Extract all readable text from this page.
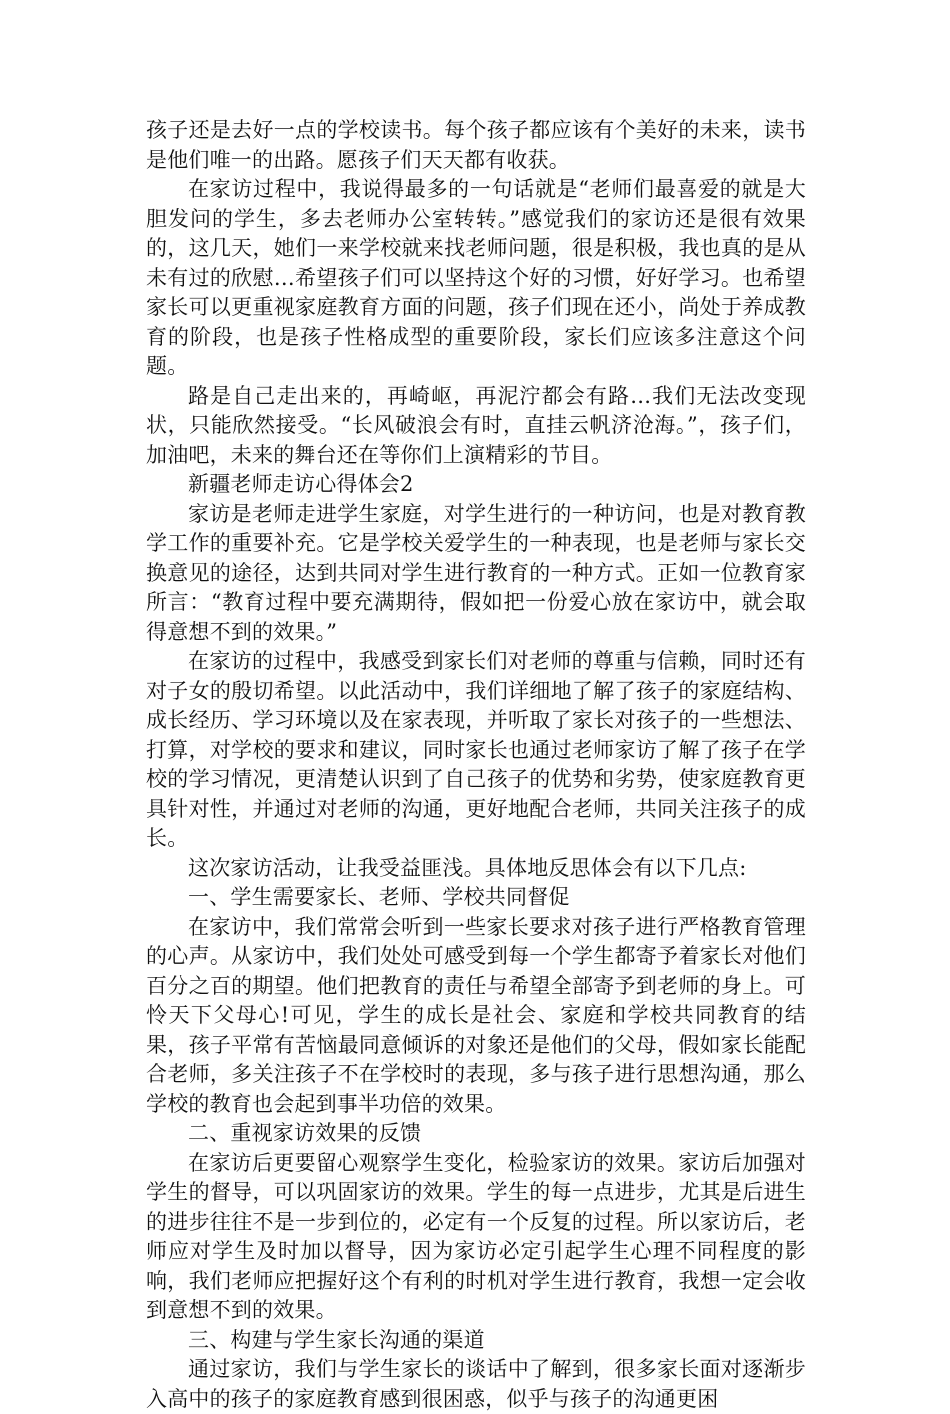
孩子还是去好一点的学校读书。每个孩子都应该有个美好的未来，读书是他们唯一的出路。愿孩子们天天都有收获。

在家访过程中，我说得最多的一句话就是“老师们最喜爱的就是大胆发问的学生，多去老师办公室转转。”感觉我们的家访还是很有效果的，这几天，她们一来学校就来找老师问题，很是积极，我也真的是从未有过的欣慰…希望孩子们可以坚持这个好的习惯，好好学习。也希望家长可以更重视家庭教育方面的问题，孩子们现在还小，尚处于养成教育的阶段，也是孩子性格成型的重要阶段，家长们应该多注意这个问题。

路是自己走出来的，再崎岖，再泥泞都会有路…我们无法改变现状，只能欣然接受。“长风破浪会有时，直挂云帆济沧海。”，孩子们，加油吧，未来的舞台还在等你们上演精彩的节目。

新疆老师走访心得体会2

家访是老师走进学生家庭，对学生进行的一种访问，也是对教育教学工作的重要补充。它是学校关爱学生的一种表现，也是老师与家长交换意见的途径，达到共同对学生进行教育的一种方式。正如一位教育家所言：“教育过程中要充满期待，假如把一份爱心放在家访中，就会取得意想不到的效果。”

在家访的过程中，我感受到家长们对老师的尊重与信赖，同时还有对子女的殷切希望。以此活动中，我们详细地了解了孩子的家庭结构、成长经历、学习环境以及在家表现，并听取了家长对孩子的一些想法、打算，对学校的要求和建议，同时家长也通过老师家访了解了孩子在学校的学习情况，更清楚认识到了自己孩子的优势和劣势，使家庭教育更具针对性，并通过对老师的沟通，更好地配合老师，共同关注孩子的成长。

这次家访活动，让我受益匪浅。具体地反思体会有以下几点:

一、学生需要家长、老师、学校共同督促

在家访中，我们常常会听到一些家长要求对孩子进行严格教育管理的心声。从家访中，我们处处可感受到每一个学生都寄予着家长对他们百分之百的期望。他们把教育的责任与希望全部寄予到老师的身上。可怜天下父母心!可见，学生的成长是社会、家庭和学校共同教育的结果，孩子平常有苦恼最同意倾诉的对象还是他们的父母，假如家长能配合老师，多关注孩子不在学校时的表现，多与孩子进行思想沟通，那么学校的教育也会起到事半功倍的效果。

二、重视家访效果的反馈

在家访后更要留心观察学生变化，检验家访的效果。家访后加强对学生的督导，可以巩固家访的效果。学生的每一点进步，尤其是后进生的进步往往不是一步到位的，必定有一个反复的过程。所以家访后，老师应对学生及时加以督导，因为家访必定引起学生心理不同程度的影响，我们老师应把握好这个有利的时机对学生进行教育，我想一定会收到意想不到的效果。

三、构建与学生家长沟通的渠道

通过家访，我们与学生家长的谈话中了解到，很多家长面对逐渐步入高中的孩子的家庭教育感到很困惑，似乎与孩子的沟通更困
